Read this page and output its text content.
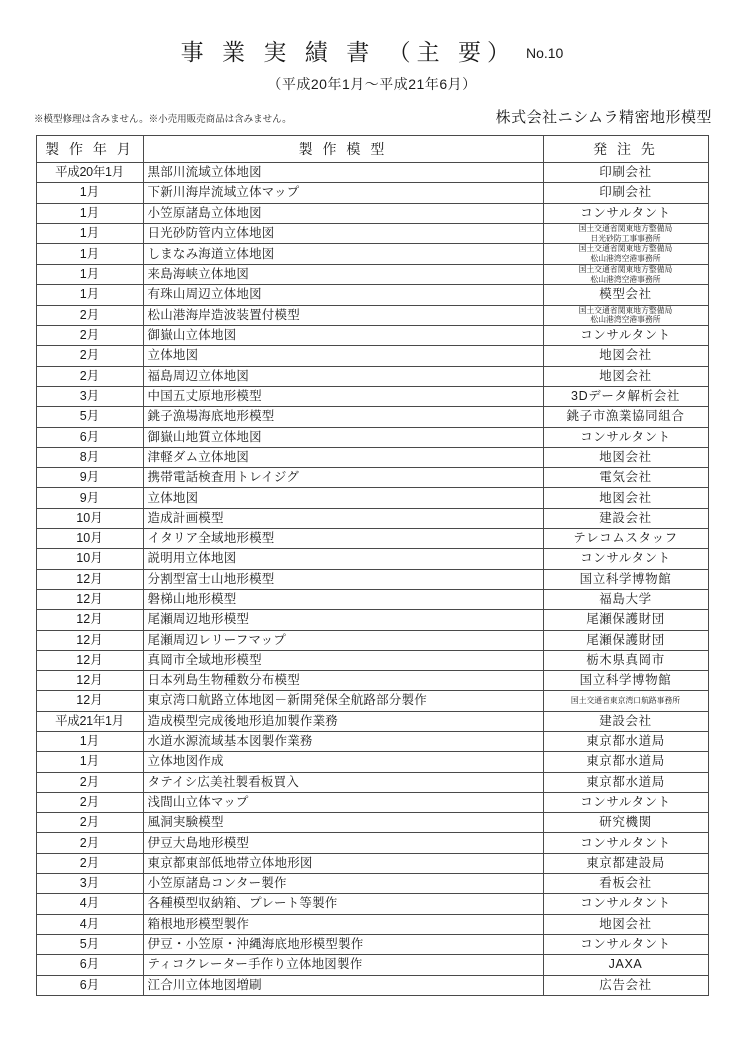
事 業 実 績 書 （主 要） No.10
（平成20年1月～平成21年6月）
※模型修理は含みません。※小売用販売商品は含みません。	株式会社ニシムラ精密地形模型
製 作 年 月	製 作 模 型	発 注 先
平成20年1月	黒部川流域立体地図	印刷会社

1月	下新川海岸流域立体マップ	印刷会社

1月	小笠原諸島立体地図	コンサルタント

1月	日光砂防管内立体地図	国土交通省関東地方整備局
日光砂防工事事務所

1月	しまなみ海道立体地図	国土交通省関東地方整備局
松山港湾空港事務所

1月	来島海峡立体地図	国土交通省関東地方整備局
松山港湾空港事務所

1月	有珠山周辺立体地図	模型会社

2月	松山港海岸造波装置付模型	国土交通省関東地方整備局
松山港湾空港事務所

2月	御嶽山立体地図	コンサルタント

2月	立体地図	地図会社

2月	福島周辺立体地図	地図会社

3月	中国五丈原地形模型	3Dデータ解析会社

5月	銚子漁場海底地形模型	銚子市漁業協同組合

6月	御嶽山地質立体地図	コンサルタント

8月	津軽ダム立体地図	地図会社

9月	携帯電話検査用トレイジグ	電気会社

9月	立体地図	地図会社

10月	造成計画模型	建設会社

10月	イタリア全域地形模型	テレコムスタッフ

10月	説明用立体地図	コンサルタント

12月	分割型富士山地形模型	国立科学博物館

12月	磐梯山地形模型	福島大学

12月	尾瀬周辺地形模型	尾瀬保護財団

12月	尾瀬周辺レリーフマップ	尾瀬保護財団

12月	真岡市全域地形模型	栃木県真岡市

12月	日本列島生物種数分布模型	国立科学博物館

12月	東京湾口航路立体地図－新開発保全航路部分製作	国土交通省東京湾口航路事務所

平成21年1月	造成模型完成後地形追加製作業務	建設会社

1月	水道水源流域基本図製作業務	東京都水道局

1月	立体地図作成	東京都水道局

2月	タテイシ広美社製看板買入	東京都水道局

2月	浅間山立体マップ	コンサルタント

2月	風洞実験模型	研究機関

2月	伊豆大島地形模型	コンサルタント

2月	東京都東部低地帯立体地形図	東京都建設局

3月	小笠原諸島コンター製作	看板会社

4月	各種模型収納箱、プレート等製作	コンサルタント

4月	箱根地形模型製作	地図会社

5月	伊豆・小笠原・沖縄海底地形模型製作	コンサルタント

6月	ティコクレーター手作り立体地図製作	JAXA

6月	江合川立体地図増刷	広告会社
